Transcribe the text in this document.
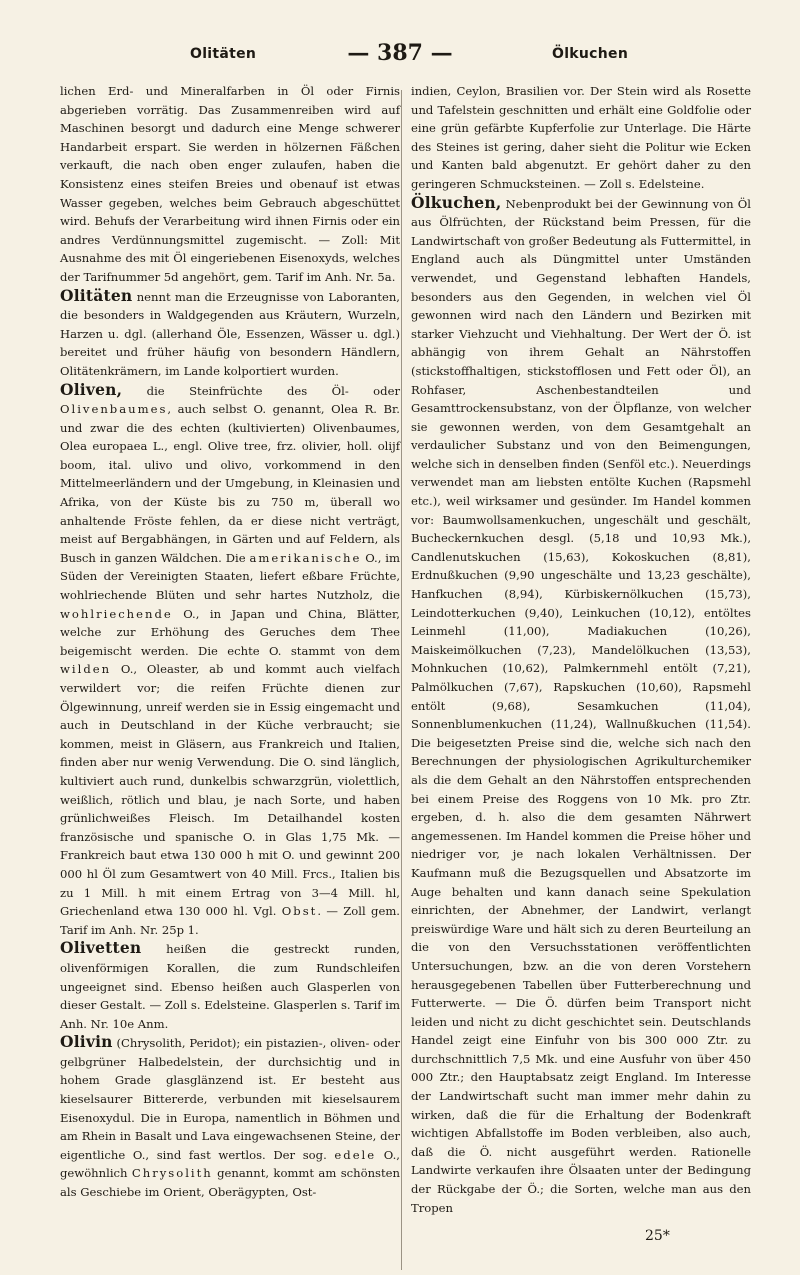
Olitäten	— 387 —	Ölkuchen

lichen Erd- und Mineralfarben in Öl oder Firnis abgerieben vorrätig. Das Zusammenreiben wird auf Maschinen besorgt und dadurch eine Menge schwerer Handarbeit erspart. Sie werden in hölzernen Fäßchen verkauft, die nach oben enger zulaufen, haben die Konsistenz eines steifen Breies und obenauf ist etwas Wasser gegeben, welches beim Gebrauch abgeschüttet wird. Behufs der Verarbeitung wird ihnen Firnis oder ein andres Verdünnungsmittel zugemischt. — Zoll: Mit Ausnahme des mit Öl eingeriebenen Eisenoxyds, welches der Tarifnummer 5d angehört, gem. Tarif im Anh. Nr. 5a.

Olitäten nennt man die Erzeugnisse von Laboranten, die besonders in Waldgegenden aus Kräutern, Wurzeln, Harzen u. dgl. (allerhand Öle, Essenzen, Wässer u. dgl.) bereitet und früher häufig von besondern Händlern, Olitätenkrämern, im Lande kolportiert wurden.

Oliven, die Steinfrüchte des Öl- oder Olivenbaumes, auch selbst O. genannt, Olea R. Br. und zwar die des echten (kultivierten) Olivenbaumes, Olea europaea L., engl. Olive tree, frz. olivier, holl. olijf boom, ital. ulivo und olivo, vorkommend in den Mittelmeerländern und der Umgebung, in Kleinasien und Afrika, von der Küste bis zu 750 m, überall wo anhaltende Fröste fehlen, da er diese nicht verträgt, meist auf Bergabhängen, in Gärten und auf Feldern, als Busch in ganzen Wäldchen. Die amerikanische O., im Süden der Vereinigten Staaten, liefert eßbare Früchte, wohlriechende Blüten und sehr hartes Nutzholz, die wohlriechende O., in Japan und China, Blätter, welche zur Erhöhung des Geruches dem Thee beigemischt werden. Die echte O. stammt von dem wilden O., Oleaster, ab und kommt auch vielfach verwildert vor; die reifen Früchte dienen zur Ölgewinnung, unreif werden sie in Essig eingemacht und auch in Deutschland in der Küche verbraucht; sie kommen, meist in Gläsern, aus Frankreich und Italien, finden aber nur wenig Verwendung. Die O. sind länglich, kultiviert auch rund, dunkelbis schwarzgrün, violettlich, weißlich, rötlich und blau, je nach Sorte, und haben grünlichweißes Fleisch. Im Detailhandel kosten französische und spanische O. in Glas 1,75 Mk. — Frankreich baut etwa 130 000 h mit O. und gewinnt 200 000 hl Öl zum Gesamtwert von 40 Mill. Frcs., Italien bis zu 1 Mill. h mit einem Ertrag von 3—4 Mill. hl, Griechenland etwa 130 000 hl. Vgl. Obst. — Zoll gem. Tarif im Anh. Nr. 25p 1.

Olivetten heißen die gestreckt runden, olivenförmigen Korallen, die zum Rundschleifen ungeeignet sind. Ebenso heißen auch Glasperlen von dieser Gestalt. — Zoll s. Edelsteine. Glasperlen s. Tarif im Anh. Nr. 10e Anm.

Olivin (Chrysolith, Peridot); ein pistazien-, oliven- oder gelbgrüner Halbedelstein, der durchsichtig und in hohem Grade glasglänzend ist. Er besteht aus kieselsaurer Bittererde, verbunden mit kieselsaurem Eisenoxydul. Die in Europa, namentlich in Böhmen und am Rhein in Basalt und Lava eingewachsenen Steine, der eigentliche O., sind fast wertlos. Der sog. edele O., gewöhnlich Chrysolith genannt, kommt am schönsten als Geschiebe im Orient, Oberägypten, Ost-

indien, Ceylon, Brasilien vor. Der Stein wird als Rosette und Tafelstein geschnitten und erhält eine Goldfolie oder eine grün gefärbte Kupferfolie zur Unterlage. Die Härte des Steines ist gering, daher sieht die Politur wie Ecken und Kanten bald abgenutzt. Er gehört daher zu den geringeren Schmucksteinen. — Zoll s. Edelsteine.

Ölkuchen, Nebenprodukt bei der Gewinnung von Öl aus Ölfrüchten, der Rückstand beim Pressen, für die Landwirtschaft von großer Bedeutung als Futtermittel, in England auch als Düngmittel unter Umständen verwendet, und Gegenstand lebhaften Handels, besonders aus den Gegenden, in welchen viel Öl gewonnen wird nach den Ländern und Bezirken mit starker Viehzucht und Viehhaltung. Der Wert der Ö. ist abhängig von ihrem Gehalt an Nährstoffen (stickstoffhaltigen, stickstofflosen und Fett oder Öl), an Rohfaser, Aschenbestandteilen und Gesamttrockensubstanz, von der Ölpflanze, von welcher sie gewonnen werden, von dem Gesamtgehalt an verdaulicher Substanz und von den Beimengungen, welche sich in denselben finden (Senföl etc.). Neuerdings verwendet man am liebsten entölte Kuchen (Rapsmehl etc.), weil wirksamer und gesünder. Im Handel kommen vor: Baumwollsamenkuchen, ungeschält und geschält, Bucheckernkuchen desgl. (5,18 und 10,93 Mk.), Candlenutskuchen (15,63), Kokoskuchen (8,81), Erdnußkuchen (9,90 ungeschälte und 13,23 geschälte), Hanfkuchen (8,94), Kürbiskernölkuchen (15,73), Leindotterkuchen (9,40), Leinkuchen (10,12), entöltes Leinmehl (11,00), Madiakuchen (10,26), Maiskeimölkuchen (7,23), Mandelölkuchen (13,53), Mohnkuchen (10,62), Palmkernmehl entölt (7,21), Palmölkuchen (7,67), Rapskuchen (10,60), Rapsmehl entölt (9,68), Sesamkuchen (11,04), Sonnenblumenkuchen (11,24), Wallnußkuchen (11,54). Die beigesetzten Preise sind die, welche sich nach den Berechnungen der physiologischen Agrikulturchemiker als die dem Gehalt an den Nährstoffen entsprechenden bei einem Preise des Roggens von 10 Mk. pro Ztr. ergeben, d. h. also die dem gesamten Nährwert angemessenen. Im Handel kommen die Preise höher und niedriger vor, je nach lokalen Verhältnissen. Der Kaufmann muß die Bezugsquellen und Absatzorte im Auge behalten und kann danach seine Spekulation einrichten, der Abnehmer, der Landwirt, verlangt preiswürdige Ware und hält sich zu deren Beurteilung an die von den Versuchsstationen veröffentlichten Untersuchungen, bzw. an die von deren Vorstehern herausgegebenen Tabellen über Futterberechnung und Futterwerte. — Die Ö. dürfen beim Transport nicht leiden und nicht zu dicht geschichtet sein. Deutschlands Handel zeigt eine Einfuhr von bis 300 000 Ztr. zu durchschnittlich 7,5 Mk. und eine Ausfuhr von über 450 000 Ztr.; den Hauptabsatz zeigt England. Im Interesse der Landwirtschaft sucht man immer mehr dahin zu wirken, daß die für die Erhaltung der Bodenkraft wichtigen Abfallstoffe im Boden verbleiben, also auch, daß die Ö. nicht ausgeführt werden. Rationelle Landwirte verkaufen ihre Ölsaaten unter der Bedingung der Rückgabe der Ö.; die Sorten, welche man aus den Tropen

25*
